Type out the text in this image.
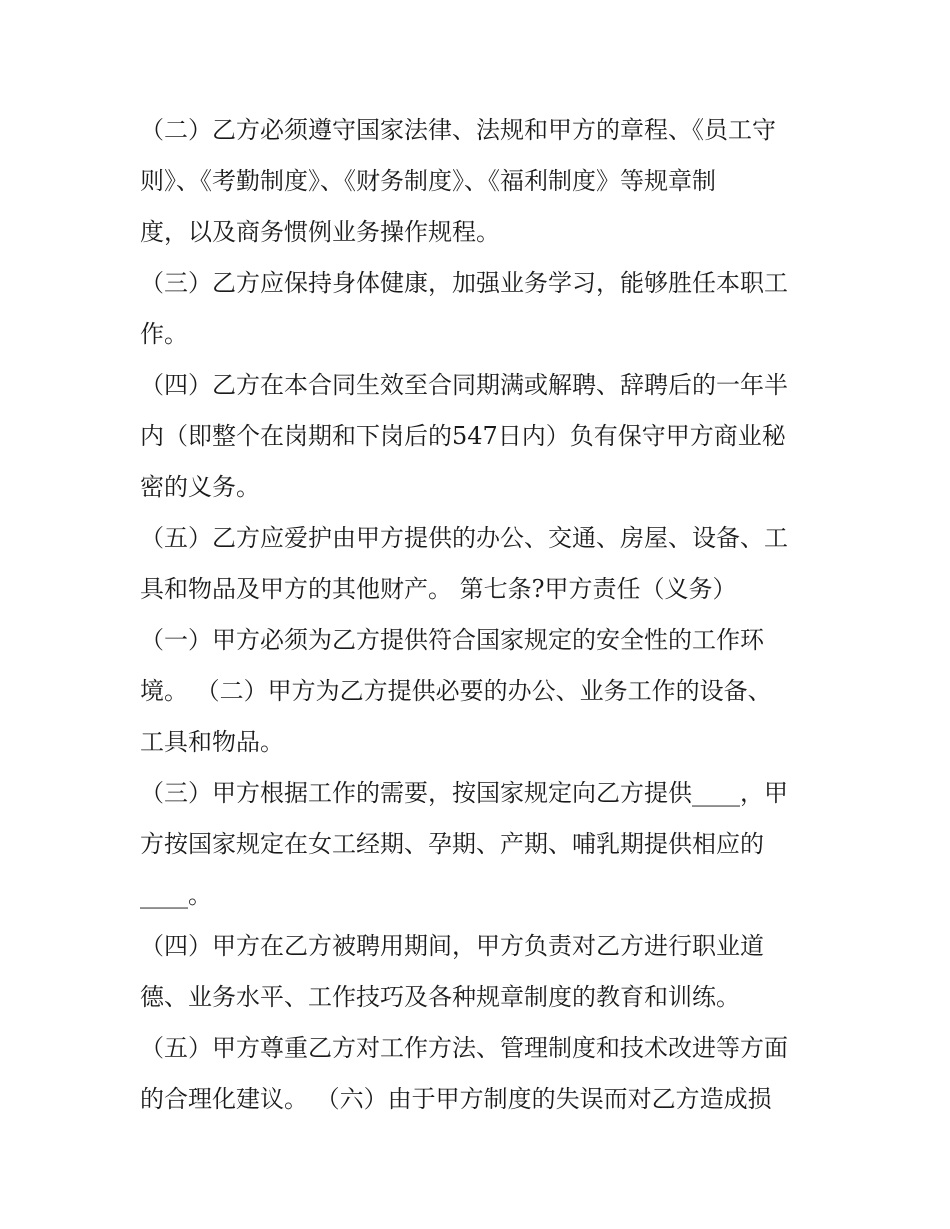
（二）乙方必须遵守国家法律、法规和甲方的章程、《员工守
则》、《考勤制度》、《财务制度》、《福利制度》等规章制
度，以及商务惯例业务操作规程。
（三）乙方应保持身体健康，加强业务学习，能够胜任本职工
作。
（四）乙方在本合同生效至合同期满或解聘、辞聘后的一年半
内（即整个在岗期和下岗后的547日内）负有保守甲方商业秘
密的义务。
（五）乙方应爱护由甲方提供的办公、交通、房屋、设备、工
具和物品及甲方的其他财产。 第七条?甲方责任（义务）
（一）甲方必须为乙方提供符合国家规定的安全性的工作环
境。 （二）甲方为乙方提供必要的办公、业务工作的设备、
工具和物品。
（三）甲方根据工作的需要，按国家规定向乙方提供____，甲
方按国家规定在女工经期、孕期、产期、哺乳期提供相应的
____。
（四）甲方在乙方被聘用期间，甲方负责对乙方进行职业道
德、业务水平、工作技巧及各种规章制度的教育和训练。
（五）甲方尊重乙方对工作方法、管理制度和技术改进等方面
的合理化建议。 （六）由于甲方制度的失误而对乙方造成损
